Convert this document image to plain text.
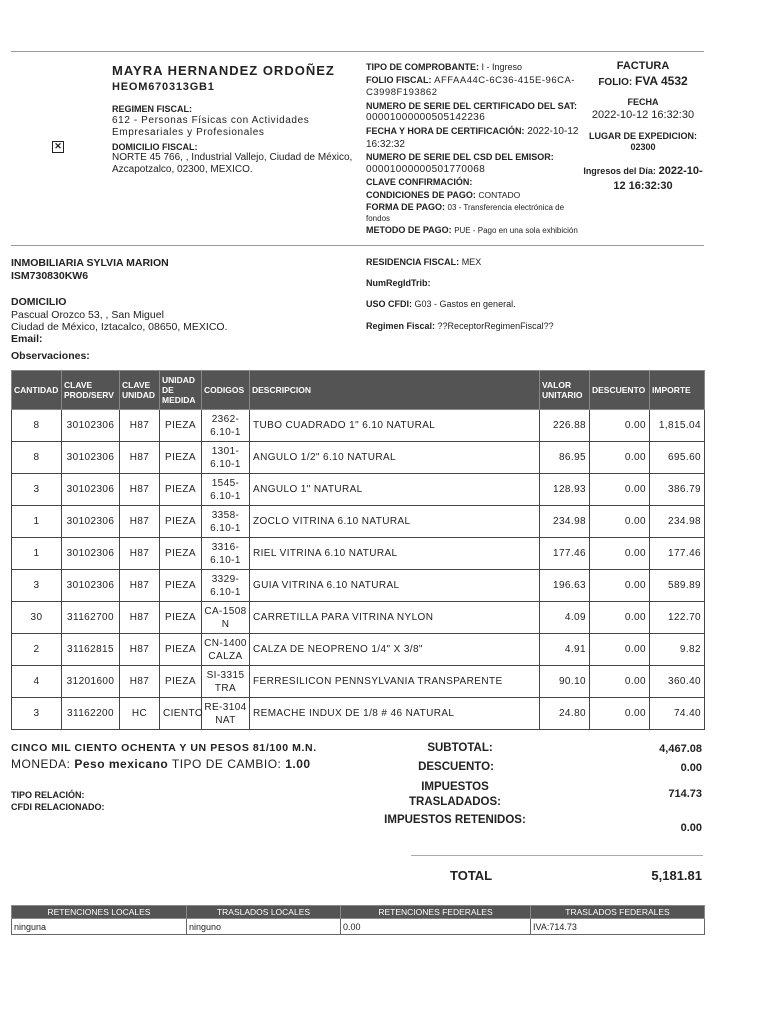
✕
MAYRA HERNANDEZ ORDOÑEZ
HEOM670313GB1
REGIMEN FISCAL:
612 - Personas Físicas con Actividades Empresariales y Profesionales
DOMICILIO FISCAL:
NORTE 45 766, , Industrial Vallejo, Ciudad de México, Azcapotzalco, 02300, MEXICO.
TIPO DE COMPROBANTE: I - Ingreso
FOLIO FISCAL: AFFAA44C-6C36-415E-96CA-C3998F193862
NUMERO DE SERIE DEL CERTIFICADO DEL SAT:
00001000000505142236
FECHA Y HORA DE CERTIFICACIÓN: 2022-10-12 16:32:32
NUMERO DE SERIE DEL CSD DEL EMISOR:
00001000000501770068
CLAVE CONFIRMACIÓN:
CONDICIONES DE PAGO: CONTADO
FORMA DE PAGO: 03 - Transferencia electrónica de fondos
METODO DE PAGO: PUE - Pago en una sola exhibición
FACTURA
FOLIO: FVA 4532
FECHA
2022-10-12 16:32:30
LUGAR DE EXPEDICION:
02300
Ingresos del Día: 2022-10-12 16:32:30
INMOBILIARIA SYLVIA MARION
ISM730830KW6
DOMICILIO
Pascual Orozco 53, , San Miguel
Ciudad de México, Iztacalco, 08650, MEXICO.
Email:
Observaciones:
RESIDENCIA FISCAL: MEX
NumRegIdTrib:
USO CFDI: G03 - Gastos en general.
Regimen Fiscal: ??ReceptorRegimenFiscal??
CANTIDAD	CLAVE PROD/SERV	CLAVE UNIDAD	UNIDAD DE MEDIDA	CODIGOS	DESCRIPCION	VALOR UNITARIO	DESCUENTO	IMPORTE
8	30102306	H87	PIEZA	2362-6.10-1	TUBO CUADRADO 1" 6.10 NATURAL	226.88	0.00	1,815.04
8	30102306	H87	PIEZA	1301-6.10-1	ANGULO 1/2" 6.10 NATURAL	86.95	0.00	695.60
3	30102306	H87	PIEZA	1545-6.10-1	ANGULO 1" NATURAL	128.93	0.00	386.79
1	30102306	H87	PIEZA	3358-6.10-1	ZOCLO VITRINA 6.10 NATURAL	234.98	0.00	234.98
1	30102306	H87	PIEZA	3316-6.10-1	RIEL VITRINA 6.10 NATURAL	177.46	0.00	177.46
3	30102306	H87	PIEZA	3329-6.10-1	GUIA VITRINA 6.10 NATURAL	196.63	0.00	589.89
30	31162700	H87	PIEZA	CA-1508 N	CARRETILLA PARA VITRINA NYLON	4.09	0.00	122.70
2	31162815	H87	PIEZA	CN-1400 CALZA	CALZA DE NEOPRENO 1/4" X 3/8"	4.91	0.00	9.82
4	31201600	H87	PIEZA	SI-3315 TRA	FERRESILICON PENNSYLVANIA TRANSPARENTE	90.10	0.00	360.40
3	31162200	HC	CIENTO	RE-3104 NAT	REMACHE INDUX DE 1/8 # 46 NATURAL	24.80	0.00	74.40
CINCO MIL CIENTO OCHENTA Y UN PESOS 81/100 M.N.
MONEDA: Peso mexicano TIPO DE CAMBIO: 1.00
TIPO RELACIÓN:
CFDI RELACIONADO:
SUBTOTAL:	4,467.08
DESCUENTO:	0.00
IMPUESTOS TRASLADADOS:
714.73
IMPUESTOS RETENIDOS:
0.00
TOTAL	5,181.81
RETENCIONES LOCALES	TRASLADOS LOCALES	RETENCIONES FEDERALES	TRASLADOS FEDERALES
ninguna	ninguno	0.00	IVA:714.73
